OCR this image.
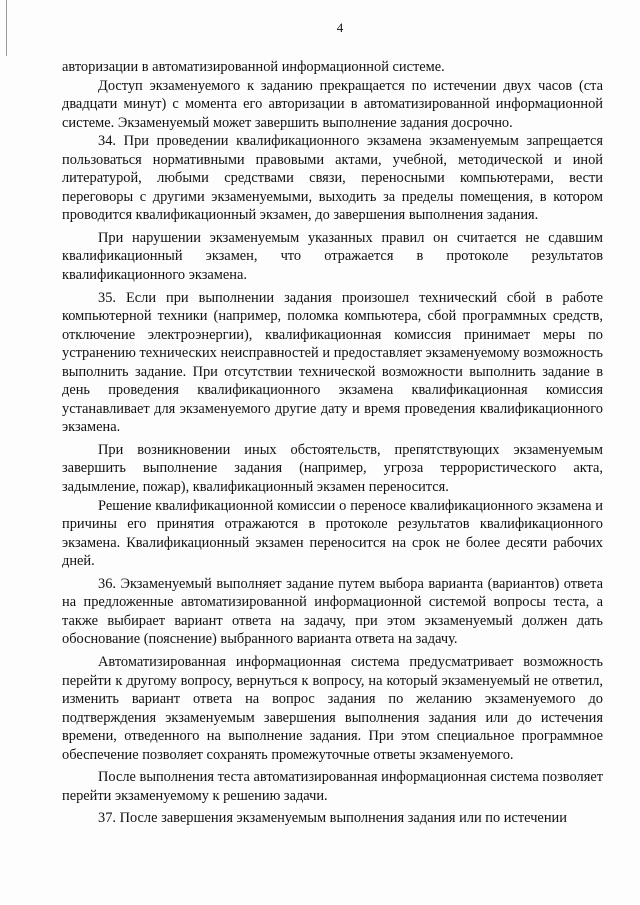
4

авторизации в автоматизированной информационной системе.

Доступ экзаменуемого к заданию прекращается по истечении двух часов (ста двадцати минут) с момента его авторизации в автоматизированной информационной системе. Экзаменуемый может завершить выполнение задания досрочно.

34. При проведении квалификационного экзамена экзаменуемым запрещается пользоваться нормативными правовыми актами, учебной, методической и иной литературой, любыми средствами связи, переносными компьютерами, вести переговоры с другими экзаменуемыми, выходить за пределы помещения, в котором проводится квалификационный экзамен, до завершения выполнения задания.

При нарушении экзаменуемым указанных правил он считается не сдавшим квалификационный экзамен, что отражается в протоколе результатов квалификационного экзамена.

35. Если при выполнении задания произошел технический сбой в работе компьютерной техники (например, поломка компьютера, сбой программных средств, отключение электроэнергии), квалификационная комиссия принимает меры по устранению технических неисправностей и предоставляет экзаменуемому возможность выполнить задание. При отсутствии технической возможности выполнить задание в день проведения квалификационного экзамена квалификационная комиссия устанавливает для экзаменуемого другие дату и время проведения квалификационного экзамена.

При возникновении иных обстоятельств, препятствующих экзаменуемым завершить выполнение задания (например, угроза террористического акта, задымление, пожар), квалификационный экзамен переносится.

Решение квалификационной комиссии о переносе квалификационного экзамена и причины его принятия отражаются в протоколе результатов квалификационного экзамена. Квалификационный экзамен переносится на срок не более десяти рабочих дней.

36. Экзаменуемый выполняет задание путем выбора варианта (вариантов) ответа на предложенные автоматизированной информационной системой вопросы теста, а также выбирает вариант ответа на задачу, при этом экзаменуемый должен дать обоснование (пояснение) выбранного варианта ответа на задачу.

Автоматизированная информационная система предусматривает возможность перейти к другому вопросу, вернуться к вопросу, на который экзаменуемый не ответил, изменить вариант ответа на вопрос задания по желанию экзаменуемого до подтверждения экзаменуемым завершения выполнения задания или до истечения времени, отведенного на выполнение задания. При этом специальное программное обеспечение позволяет сохранять промежуточные ответы экзаменуемого.

После выполнения теста автоматизированная информационная система позволяет перейти экзаменуемому к решению задачи.

37. После завершения экзаменуемым выполнения задания или по истечении
